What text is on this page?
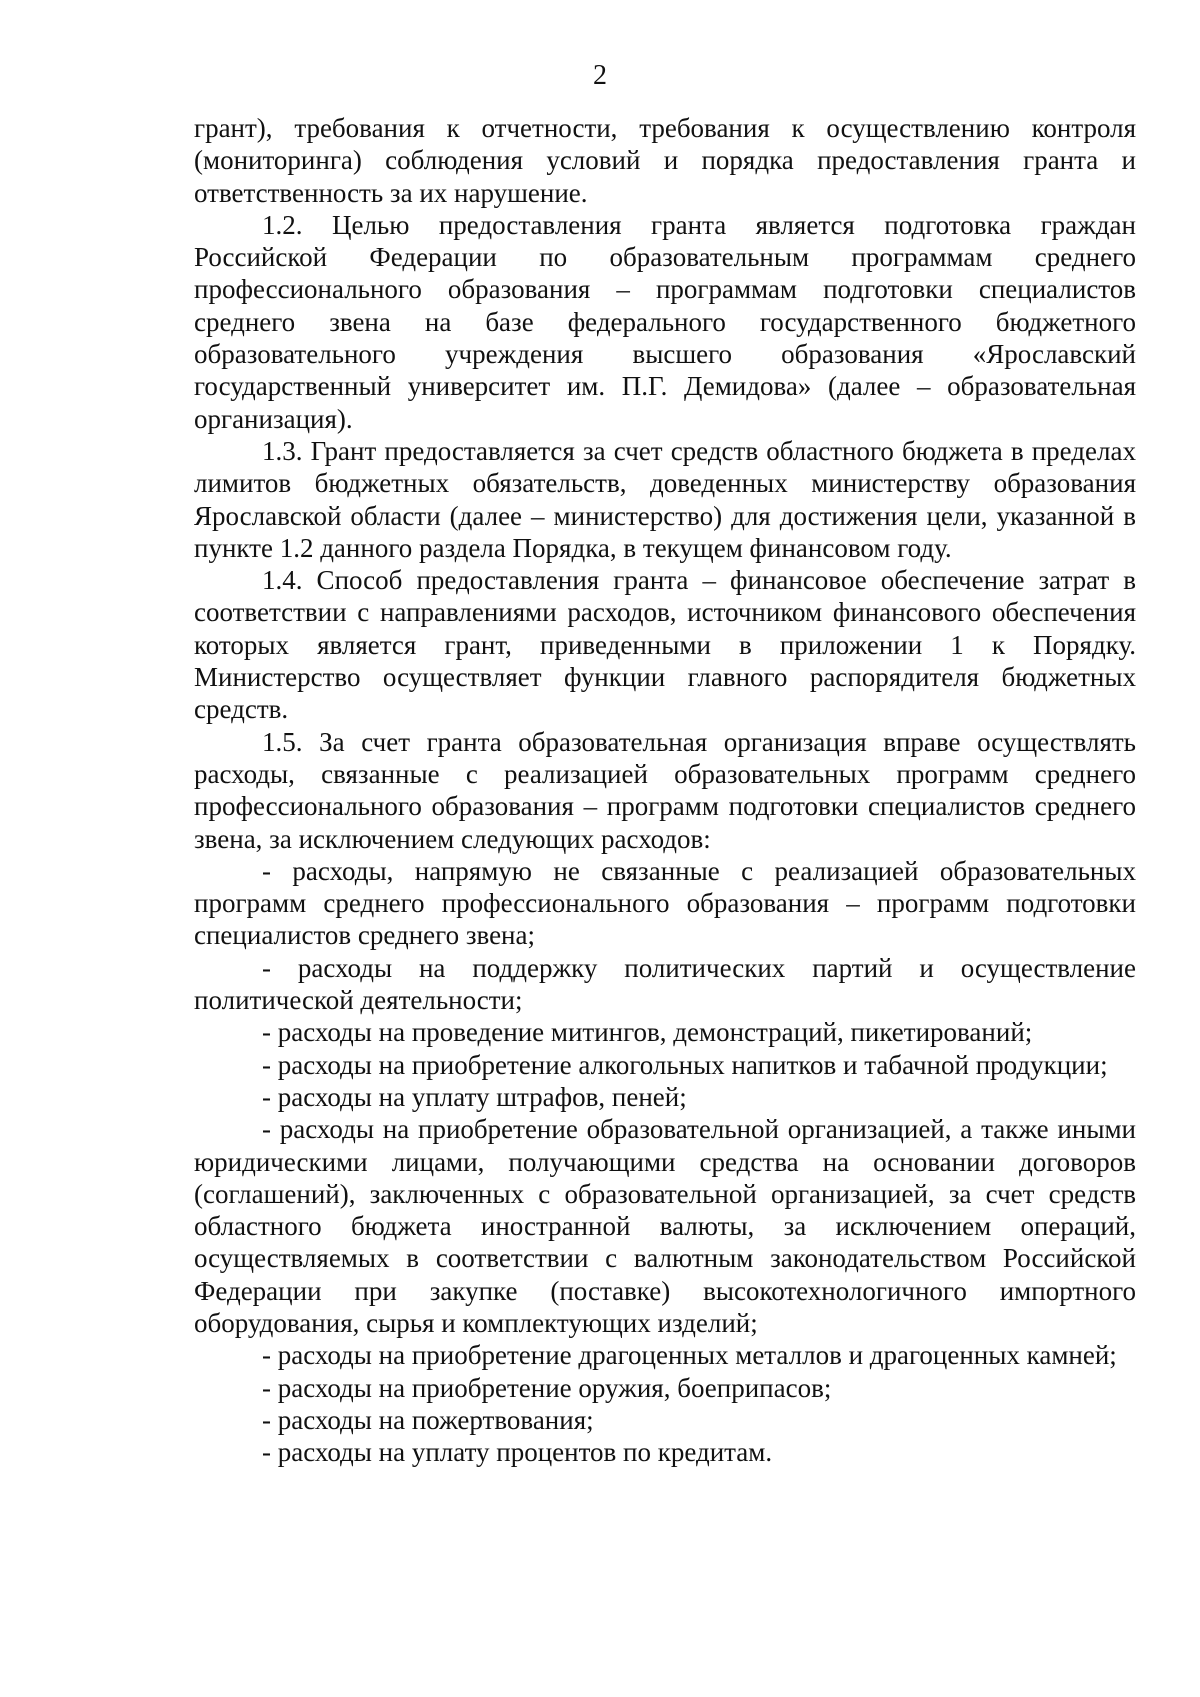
2

грант), требования к отчетности, требования к осуществлению контроля (мониторинга) соблюдения условий и порядка предоставления гранта и ответственность за их нарушение.

1.2. Целью предоставления гранта является подготовка граждан Российской Федерации по образовательным программам среднего профессионального образования – программам подготовки специалистов среднего звена на базе федерального государственного бюджетного образовательного учреждения высшего образования «Ярославский государственный университет им. П.Г. Демидова» (далее – образовательная организация).

1.3. Грант предоставляется за счет средств областного бюджета в пределах лимитов бюджетных обязательств, доведенных министерству образования Ярославской области (далее – министерство) для достижения цели, указанной в пункте 1.2 данного раздела Порядка, в текущем финансовом году.

1.4. Способ предоставления гранта – финансовое обеспечение затрат в соответствии с направлениями расходов, источником финансового обеспечения которых является грант, приведенными в приложении 1 к Порядку. Министерство осуществляет функции главного распорядителя бюджетных средств.

1.5. За счет гранта образовательная организация вправе осуществлять расходы, связанные с реализацией образовательных программ среднего профессионального образования – программ подготовки специалистов среднего звена, за исключением следующих расходов:

- расходы, напрямую не связанные с реализацией образовательных программ среднего профессионального образования – программ подготовки специалистов среднего звена;

- расходы на поддержку политических партий и осуществление политической деятельности;

- расходы на проведение митингов, демонстраций, пикетирований;

- расходы на приобретение алкогольных напитков и табачной продукции;

- расходы на уплату штрафов, пеней;

- расходы на приобретение образовательной организацией, а также иными юридическими лицами, получающими средства на основании договоров (соглашений), заключенных с образовательной организацией, за счет средств областного бюджета иностранной валюты, за исключением операций, осуществляемых в соответствии с валютным законодательством Российской Федерации при закупке (поставке) высокотехнологичного импортного оборудования, сырья и комплектующих изделий;

- расходы на приобретение драгоценных металлов и драгоценных камней;

- расходы на приобретение оружия, боеприпасов;

- расходы на пожертвования;

- расходы на уплату процентов по кредитам.
